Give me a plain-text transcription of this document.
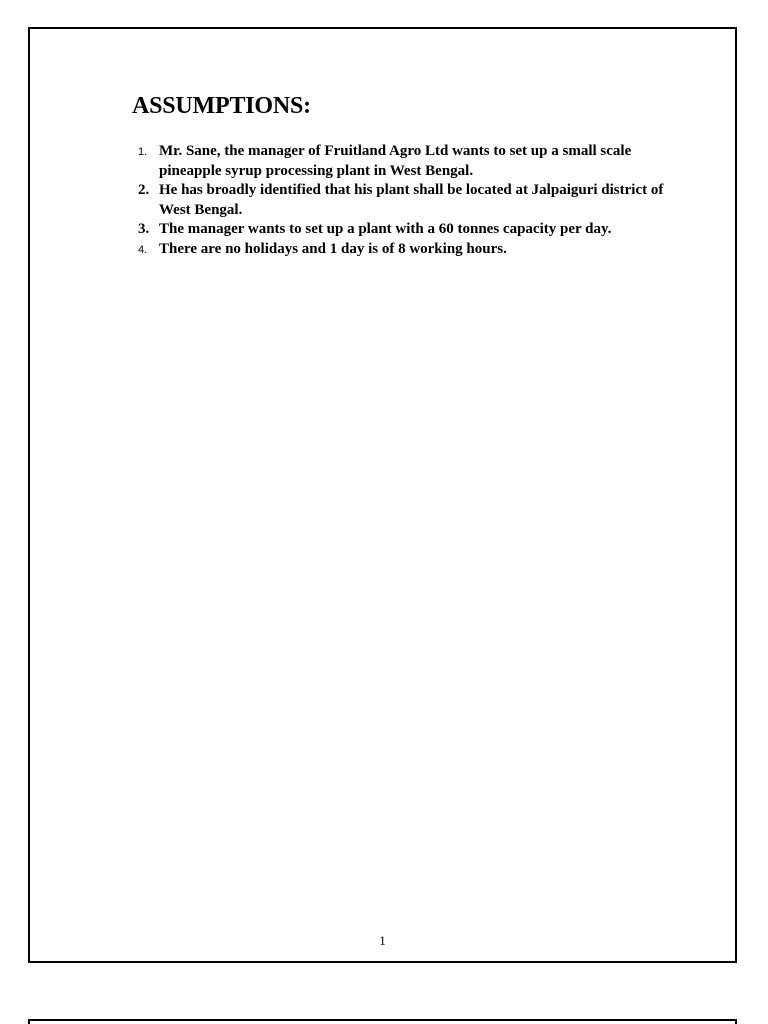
ASSUMPTIONS:
1. Mr. Sane, the manager of Fruitland Agro Ltd wants to set up a small scale pineapple syrup processing plant in West Bengal.
2. He has broadly identified that his plant shall be located at Jalpaiguri district of West Bengal.
3. The manager wants to set up a plant with a 60 tonnes capacity per day.
4. There are no holidays and 1 day is of 8 working hours.
1
